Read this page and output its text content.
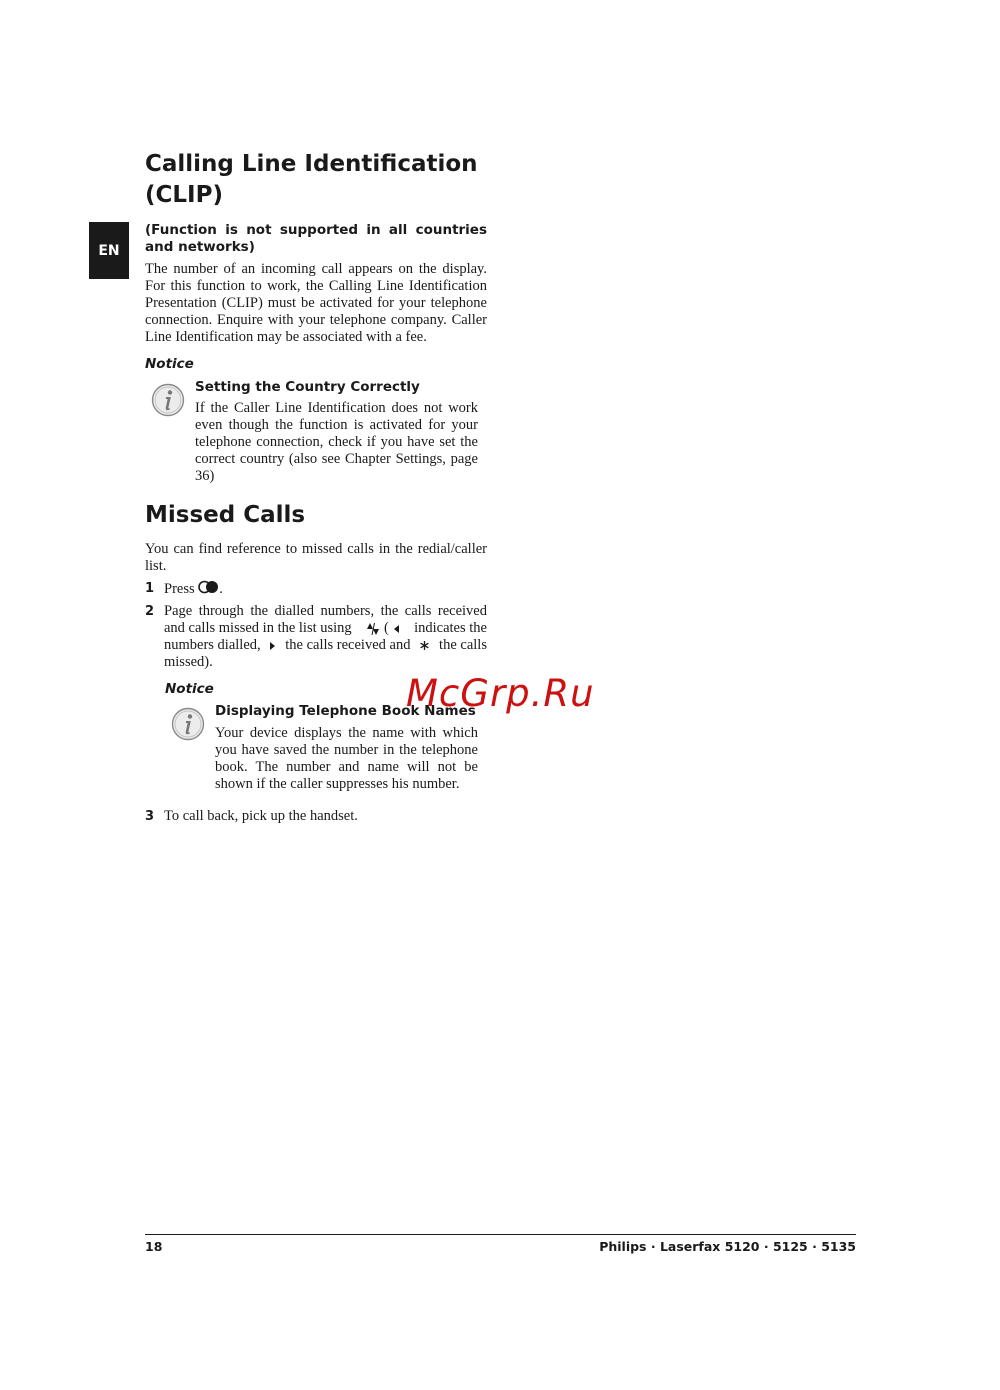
EN
Calling Line Identification
(CLIP)
(Function is not supported in all countries and networks)
The number of an incoming call appears on the display.
For this function to work, the Calling Line Identification
Presentation (CLIP) must be activated for your telephone
connection. Enquire with your telephone company. Caller
Line Identification may be associated with a fee.
Notice
Setting the Country Correctly
If the Caller Line Identification does not work
even though the function is activated for your
telephone connection, check if you have set the
correct country (also see Chapter Settings, page
36)
Missed Calls
You can find reference to missed calls in the redial/caller
list.
1 Press .
2 Page through the dialled numbers, the calls received
and calls missed in the list using ( indicates the
numbers dialled, the calls received and the calls
missed).
Notice
Displaying Telephone Book Names
Your device displays the name with which
you have saved the number in the telephone
book. The number and name will not be
shown if the caller suppresses his number.
3 To call back, pick up the handset.
McGrp.Ru
18	Philips · Laserfax 5120 · 5125 · 5135
